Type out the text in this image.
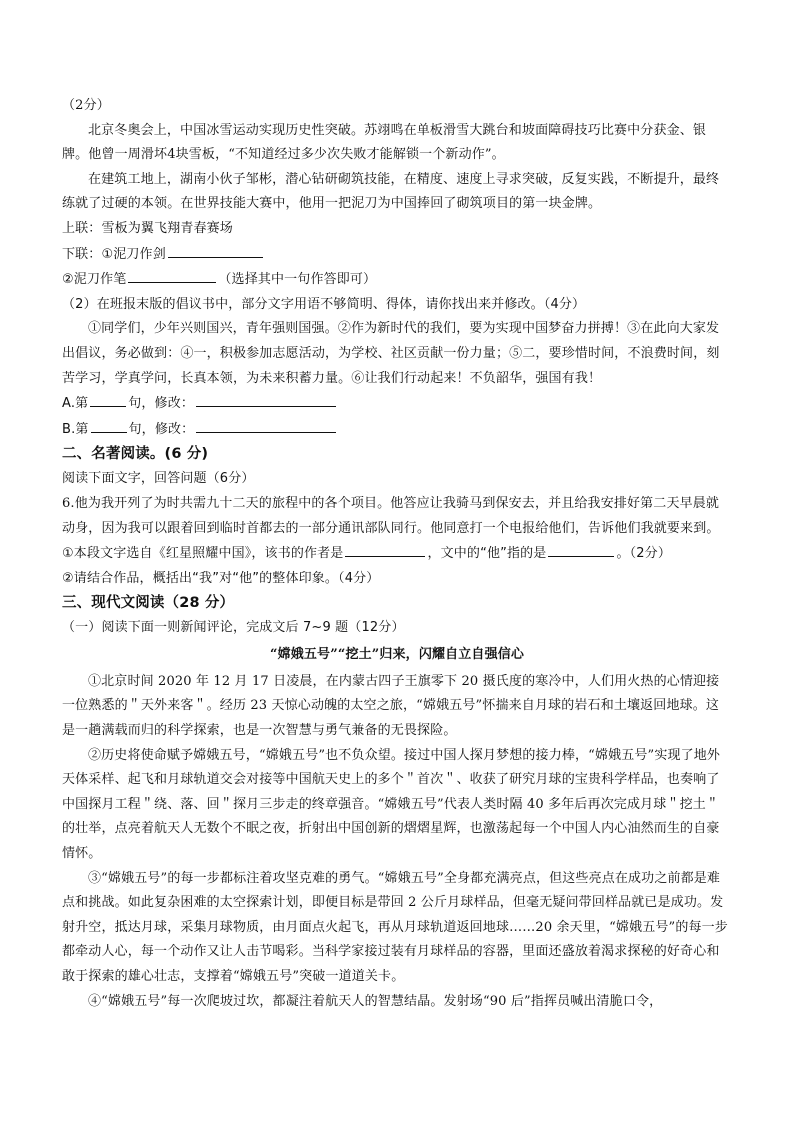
（2分）

北京冬奥会上，中国冰雪运动实现历史性突破。苏翊鸣在单板滑雪大跳台和坡面障碍技巧比赛中分获金、银牌。他曾一周滑坏4块雪板，“不知道经过多少次失败才能解锁一个新动作”。

在建筑工地上，湖南小伙子邹彬，潜心钻研砌筑技能，在精度、速度上寻求突破，反复实践，不断提升，最终练就了过硬的本领。在世界技能大赛中，他用一把泥刀为中国捧回了砌筑项目的第一块金牌。

上联：雪板为翼飞翔青春赛场

下联：①泥刀作剑

②泥刀作笔	（选择其中一句作答即可）

（2）在班报末版的倡议书中，部分文字用语不够简明、得体，请你找出来并修改。（4分）

①同学们，少年兴则国兴，青年强则国强。②作为新时代的我们，要为实现中国梦奋力拼搏！③在此向大家发出倡议，务必做到：④一，积极参加志愿活动，为学校、社区贡献一份力量；⑤二，要珍惜时间，不浪费时间，刻苦学习，学真学问，长真本领，为未来积蓄力量。⑥让我们行动起来！不负韶华，强国有我！

A.第	句，修改：

B.第	句，修改：

二、名著阅读。(6 分)

阅读下面文字，回答问题（6分）

6.他为我开列了为时共需九十二天的旅程中的各个项目。他答应让我骑马到保安去，并且给我安排好第二天早晨就动身，因为我可以跟着回到临时首都去的一部分通讯部队同行。他同意打一个电报给他们，告诉他们我就要来到。

①本段文字选自《红星照耀中国》，该书的作者是	，文中的“他”指的是	。（2分）

②请结合作品，概括出“我”对“他”的整体印象。（4分）

三、现代文阅读（28 分）

（一）阅读下面一则新闻评论，完成文后 7~9 题（12分）

“嫦娥五号”“挖土”归来，闪耀自立自强信心

①北京时间 2020 年 12 月 17 日凌晨，在内蒙古四子王旗零下 20 摄氏度的寒冷中，人们用火热的心情迎接一位熟悉的＂天外来客＂。经历 23 天惊心动魄的太空之旅，“嫦娥五号”怀揣来自月球的岩石和土壤返回地球。这是一趟满载而归的科学探索，也是一次智慧与勇气兼备的无畏探险。

②历史将使命赋予嫦娥五号，“嫦娥五号”也不负众望。接过中国人探月梦想的接力棒，“嫦娥五号”实现了地外天体采样、起飞和月球轨道交会对接等中国航天史上的多个＂首次＂、收获了研究月球的宝贵科学样品，也奏响了中国探月工程＂绕、落、回＂探月三步走的终章强音。“嫦娥五号”代表人类时隔 40 多年后再次完成月球＂挖土＂的壮举，点亮着航天人无数个不眠之夜，折射出中国创新的熠熠星辉，也激荡起每一个中国人内心油然而生的自豪情怀。

③“嫦娥五号”的每一步都标注着攻坚克难的勇气。“嫦娥五号”全身都充满亮点，但这些亮点在成功之前都是难点和挑战。如此复杂困难的太空探索计划，即便目标是带回 2 公斤月球样品，但毫无疑问带回样品就已是成功。发射升空，抵达月球，采集月球物质，由月面点火起飞，再从月球轨道返回地球……20 余天里，“嫦娥五号”的每一步都牵动人心，每一个动作又让人击节喝彩。当科学家接过装有月球样品的容器，里面还盛放着渴求探秘的好奇心和敢于探索的雄心壮志，支撑着“嫦娥五号”突破一道道关卡。

④“嫦娥五号”每一次爬坡过坎，都凝注着航天人的智慧结晶。发射场“90 后”指挥员喊出清脆口令，
